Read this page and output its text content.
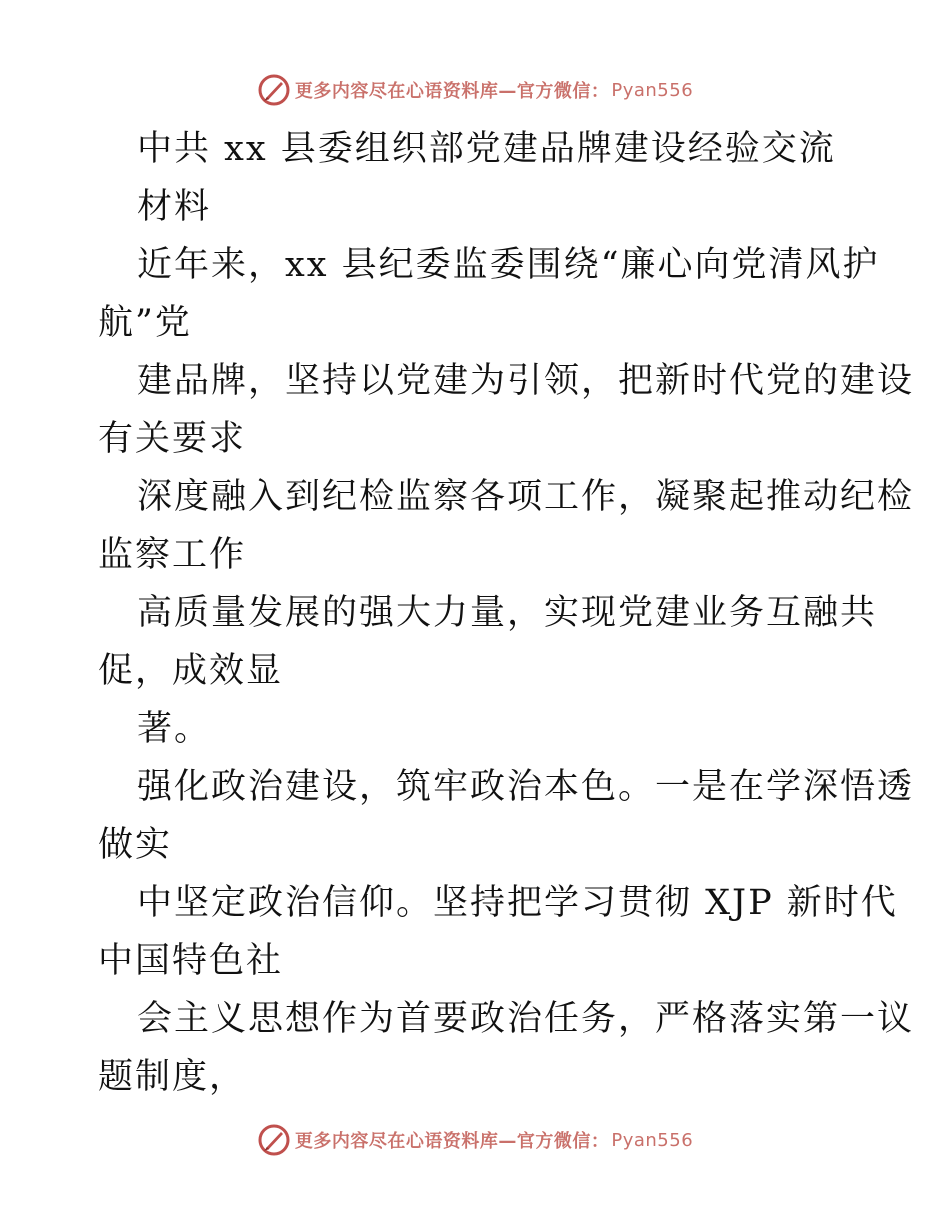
更多内容尽在心语资料库—官方微信： Pyan556
中共 xx 县委组织部党建品牌建设经验交流
材料
近年来，xx 县纪委监委围绕“廉心向党清风护
航”党
建品牌，坚持以党建为引领，把新时代党的建设
有关要求
深度融入到纪检监察各项工作，凝聚起推动纪检
监察工作
高质量发展的强大力量，实现党建业务互融共
促，成效显
著。
强化政治建设，筑牢政治本色。一是在学深悟透
做实
中坚定政治信仰。坚持把学习贯彻 XJP 新时代
中国特色社
会主义思想作为首要政治任务，严格落实第一议
题制度，
更多内容尽在心语资料库—官方微信： Pyan556
